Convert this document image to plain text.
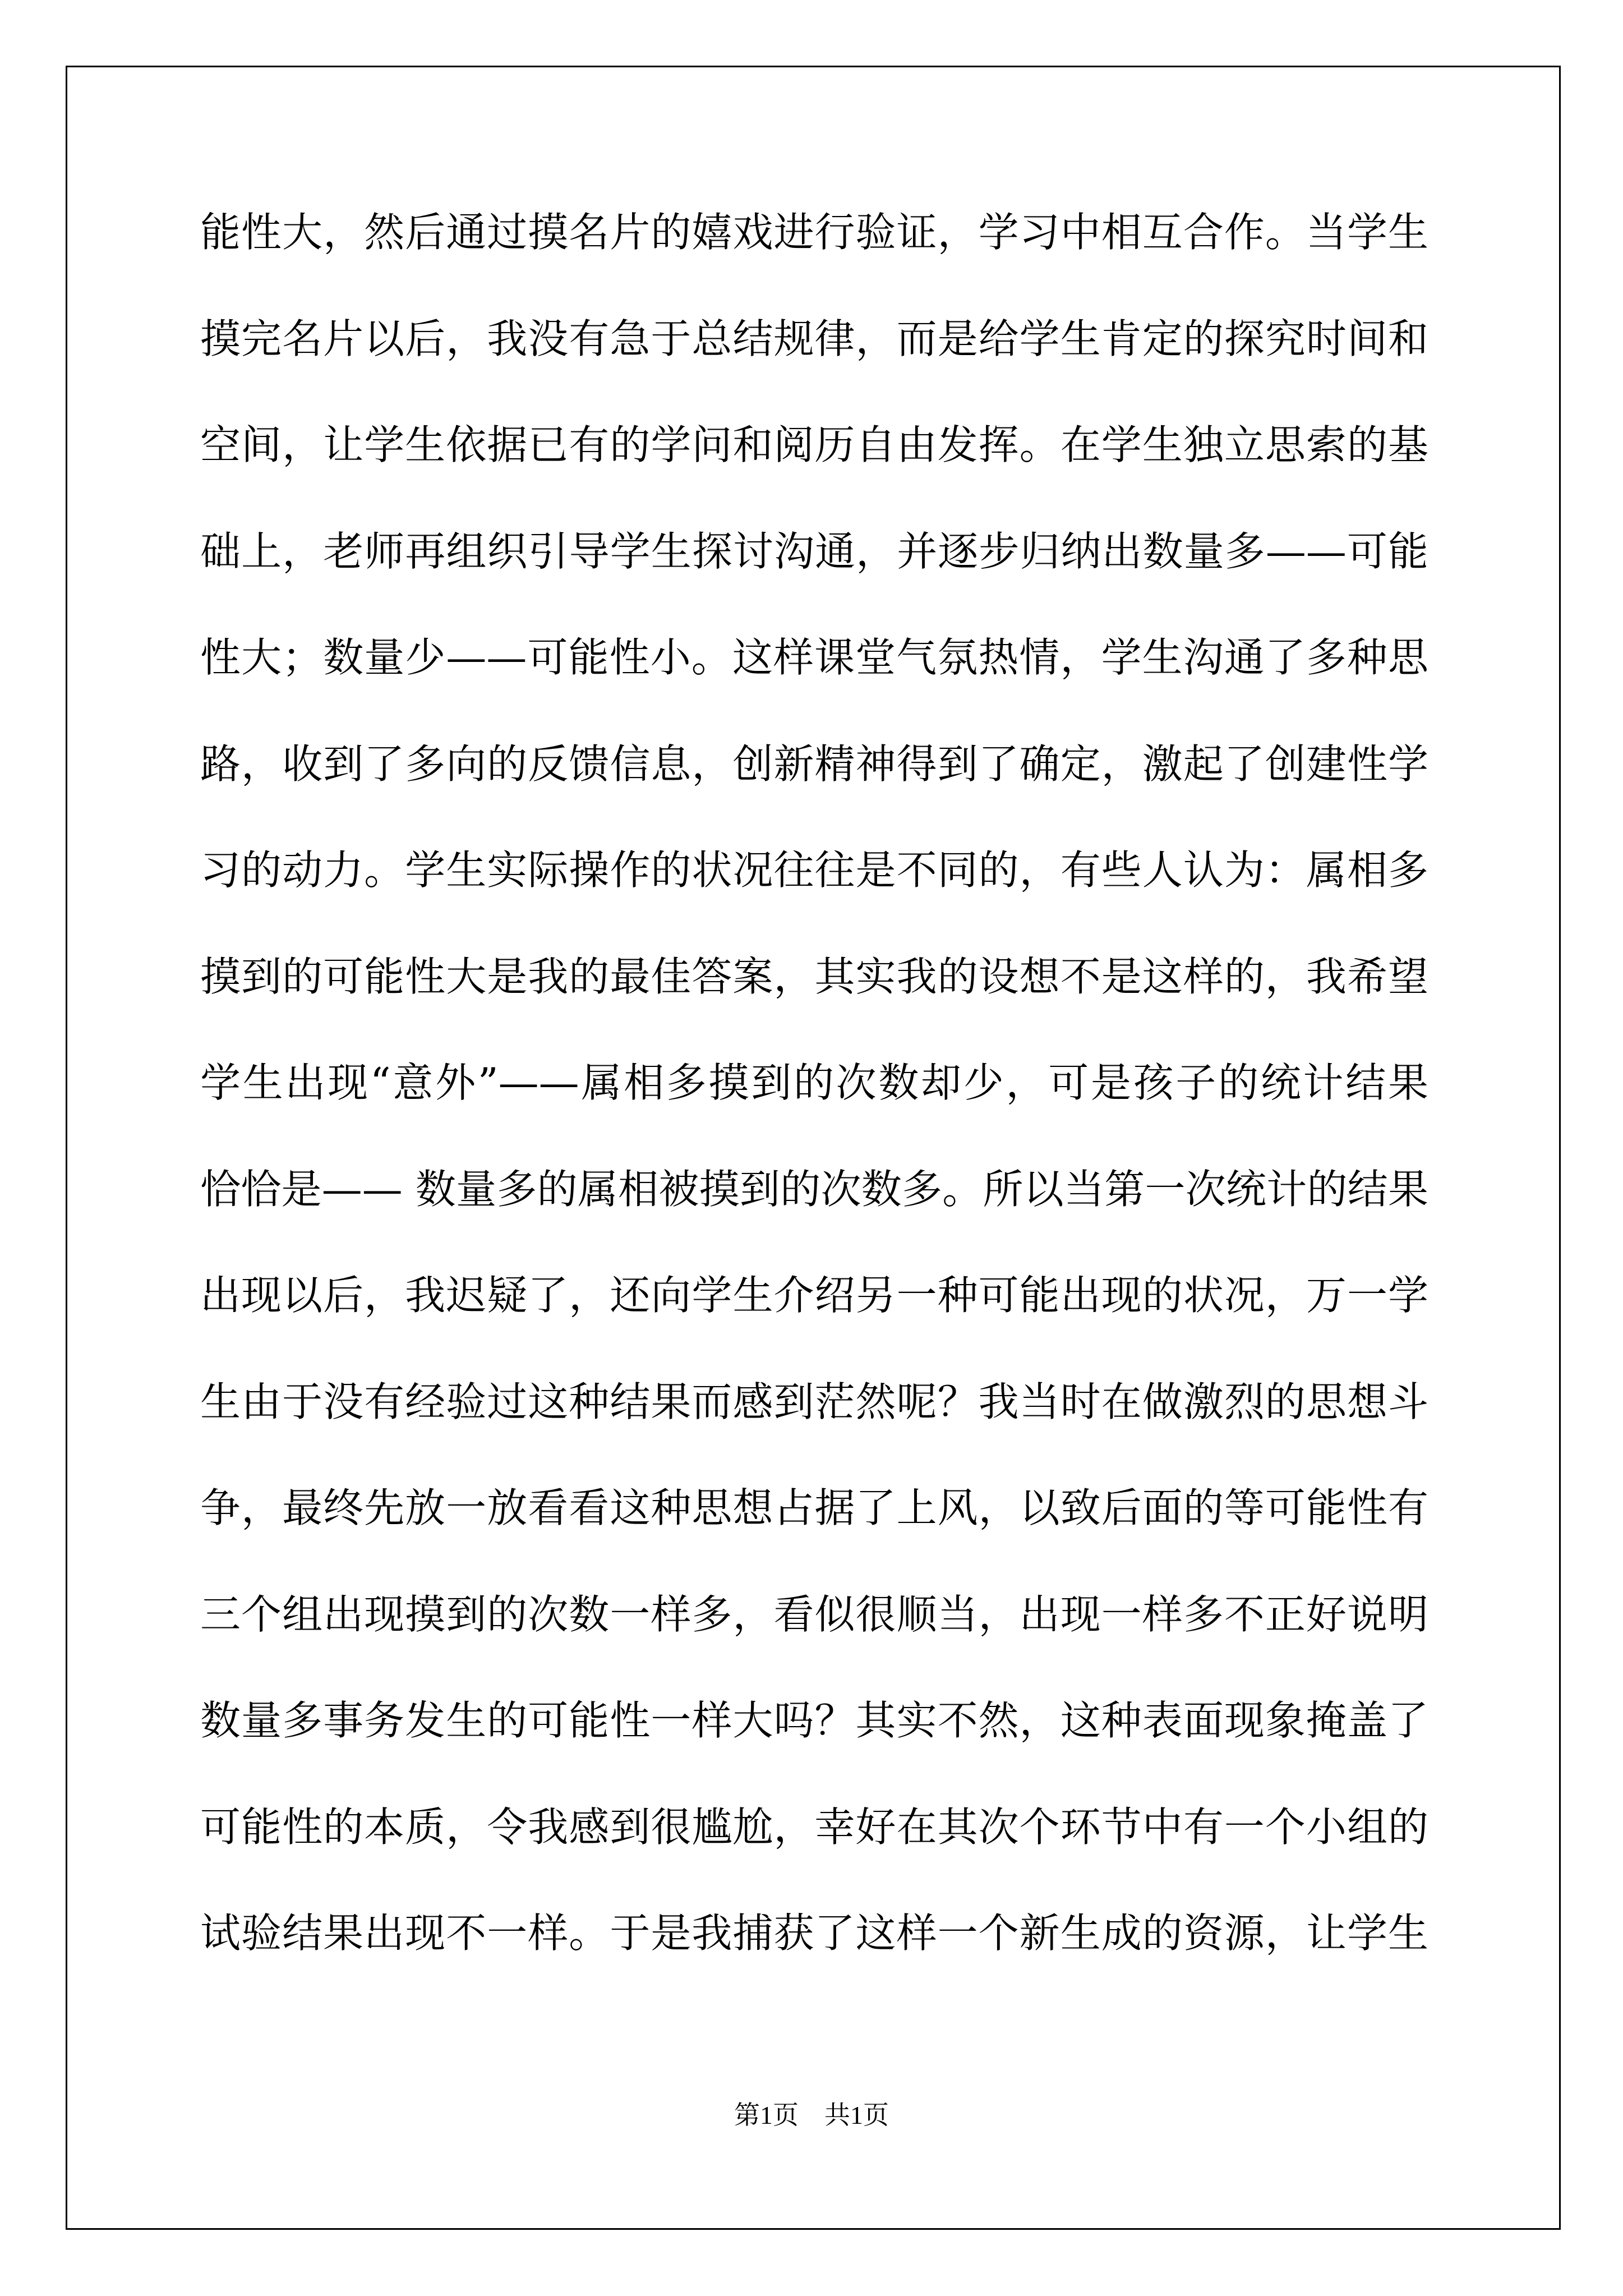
能性大，然后通过摸名片的嬉戏进行验证，学习中相互合作。当学生
摸完名片以后，我没有急于总结规律，而是给学生肯定的探究时间和
空间，让学生依据已有的学问和阅历自由发挥。在学生独立思索的基
础上，老师再组织引导学生探讨沟通，并逐步归纳出数量多——可能
性大；数量少——可能性小。这样课堂气氛热情，学生沟通了多种思
路，收到了多向的反馈信息，创新精神得到了确定，激起了创建性学
习的动力。学生实际操作的状况往往是不同的，有些人认为：属相多
摸到的可能性大是我的最佳答案，其实我的设想不是这样的，我希望
学生出现“意外”——属相多摸到的次数却少，可是孩子的统计结果
恰恰是—— 数量多的属相被摸到的次数多。所以当第一次统计的结果
出现以后，我迟疑了，还向学生介绍另一种可能出现的状况，万一学
生由于没有经验过这种结果而感到茫然呢？我当时在做激烈的思想斗
争，最终先放一放看看这种思想占据了上风，以致后面的等可能性有
三个组出现摸到的次数一样多，看似很顺当，出现一样多不正好说明
数量多事务发生的可能性一样大吗？其实不然，这种表面现象掩盖了
可能性的本质，令我感到很尴尬，幸好在其次个环节中有一个小组的
试验结果出现不一样。于是我捕获了这样一个新生成的资源，让学生
第1页 共1页
